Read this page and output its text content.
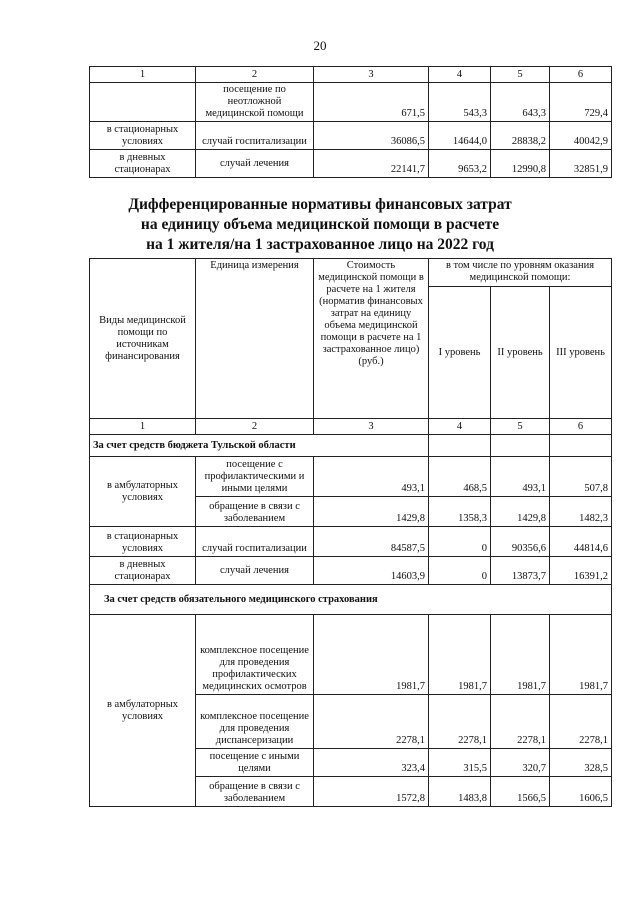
20
1	2	3	4	5	6
	посещение по неотложной медицинской помощи	671,5	543,3	643,3	729,4
в стационарных условиях	случай госпитализации	36086,5	14644,0	28838,2	40042,9
в дневных стационарах	случай лечения	22141,7	9653,2	12990,8	32851,9
Дифференцированные нормативы финансовых затрат
на единицу объема медицинской помощи в расчете
на 1 жителя/на 1 застрахованное лицо на 2022 год
Виды медицинской помощи по источникам финансирования	Единица измерения	Стоимость медицинской помощи в расчете на 1 жителя (норматив финансовых затрат на единицу объема медицинской помощи в расчете на 1 застрахованное лицо) (руб.)	в том числе по уровням оказания медицинской помощи:		
			I уровень	II уровень	III уровень
1	2	3	4	5	6
За счет средств бюджета Тульской области					
в амбулаторных условиях	посещение с профилактическими и иными целями	493,1	468,5	493,1	507,8
	обращение в связи с заболеванием	1429,8	1358,3	1429,8	1482,3
в стационарных условиях	случай госпитализации	84587,5	0	90356,6	44814,6
в дневных стационарах	случай лечения	14603,9	0	13873,7	16391,2
За счет средств обязательного медицинского страхования					
в амбулаторных условиях	комплексное посещение для проведения профилактических медицинских осмотров	1981,7	1981,7	1981,7	1981,7
	комплексное посещение для проведения диспансеризации	2278,1	2278,1	2278,1	2278,1
	посещение с иными целями	323,4	315,5	320,7	328,5
	обращение в связи с заболеванием	1572,8	1483,8	1566,5	1606,5
